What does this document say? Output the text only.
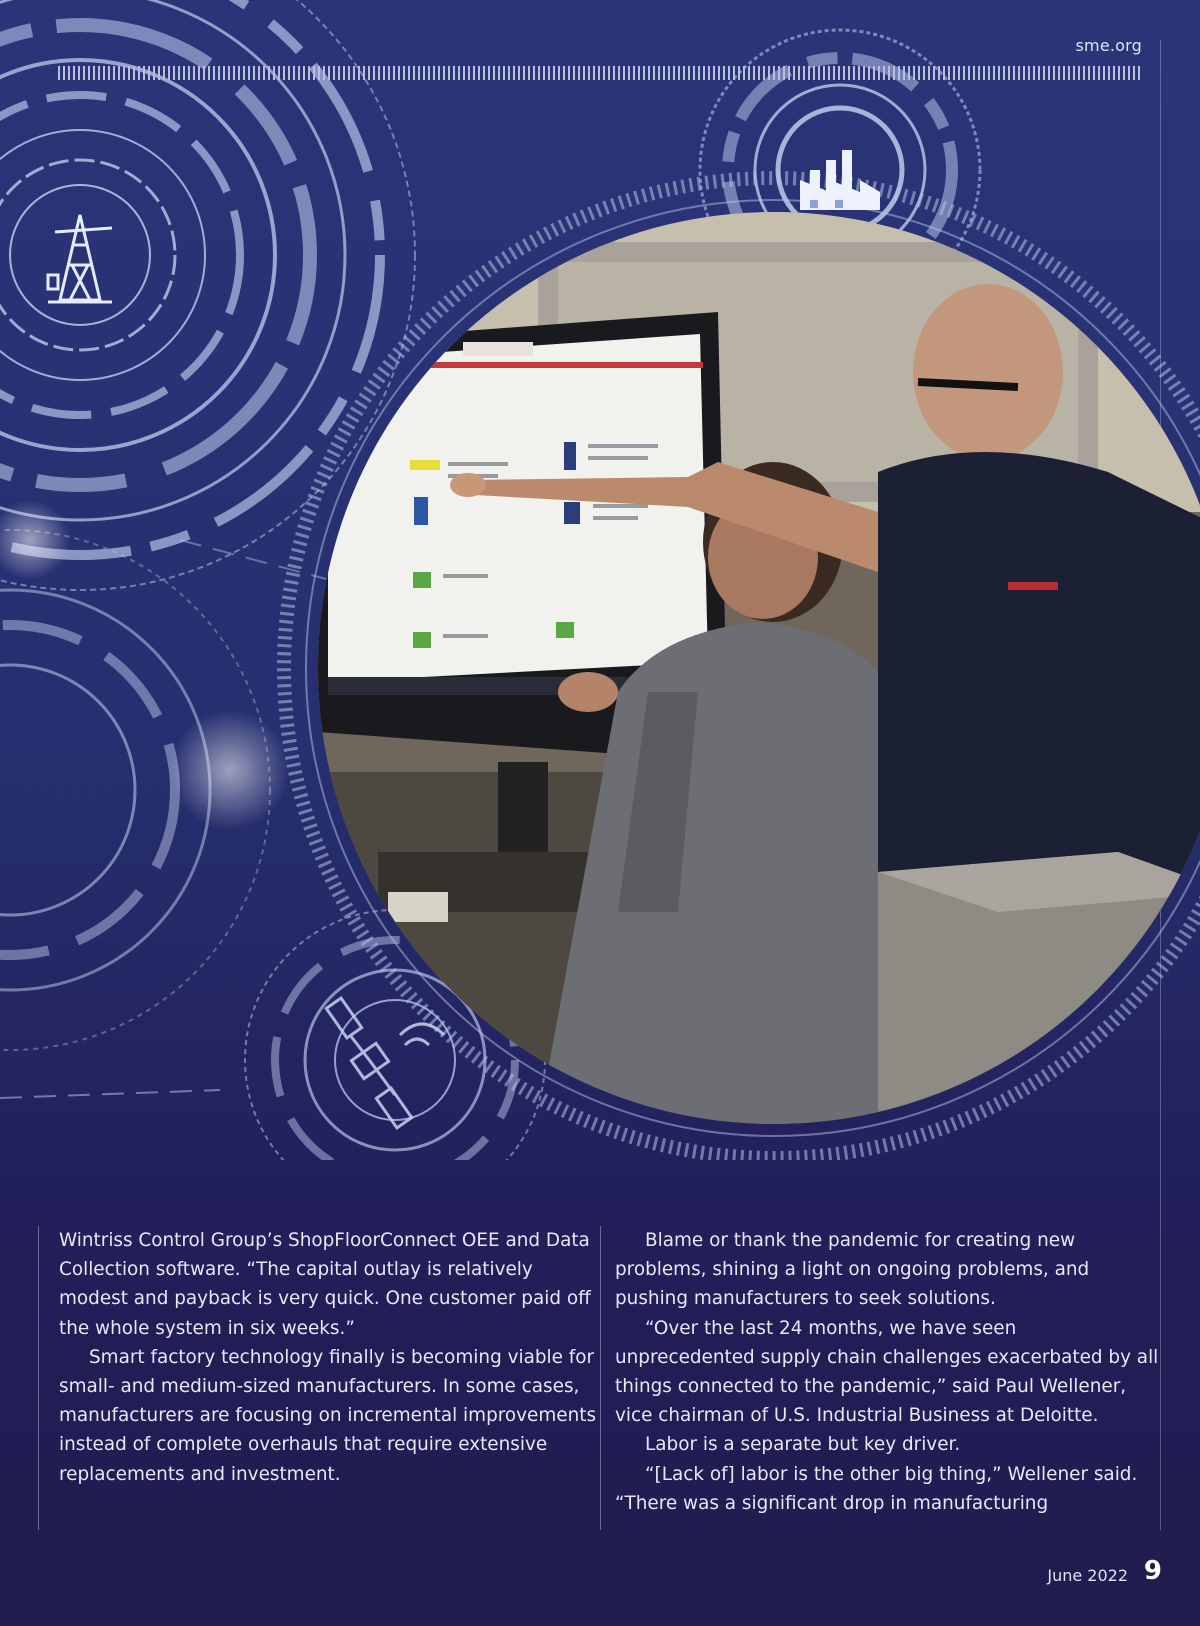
sme.org

Wintriss Control Group’s ShopFloorConnect OEE and Data Collection software. “The capital outlay is relatively modest and payback is very quick. One customer paid off the whole system in six weeks.”

Smart factory technology finally is becoming viable for small- and medium-sized manufacturers. In some cases, manufacturers are focusing on incremental improvements instead of complete overhauls that require extensive replacements and investment.

Blame or thank the pandemic for creating new problems, shining a light on ongoing problems, and pushing manufacturers to seek solutions.

“Over the last 24 months, we have seen unprecedented supply chain challenges exacerbated by all things connected to the pandemic,” said Paul Wellener, vice chairman of U.S. Industrial Business at Deloitte.

Labor is a separate but key driver.

“[Lack of] labor is the other big thing,” Wellener said. “There was a significant drop in manufacturing

June 2022 9
